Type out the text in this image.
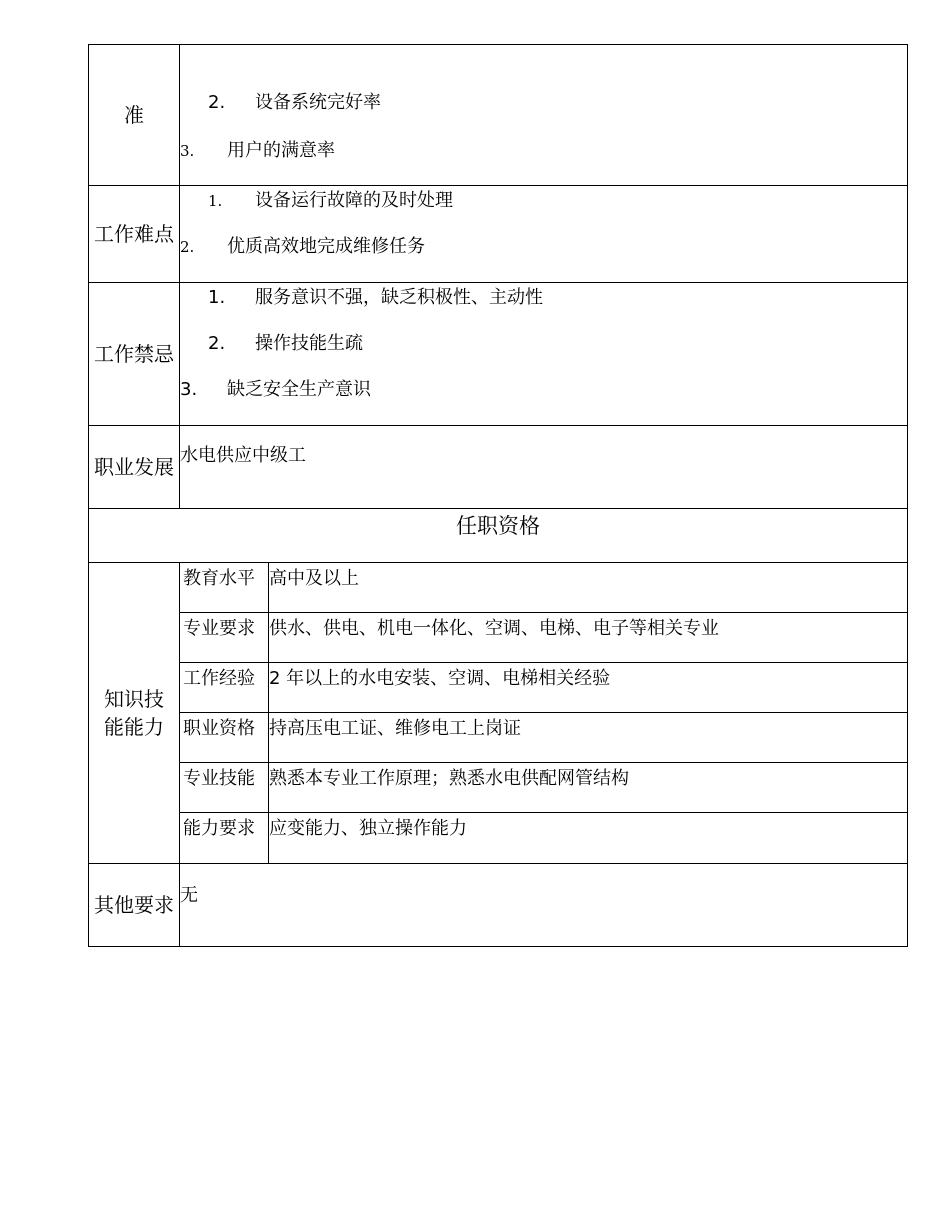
准	2. 设备系统完好率
3. 用户的满意率	

工作难点	1. 设备运行故障的及时处理
2. 优质高效地完成维修任务	

工作禁忌	1. 服务意识不强，缺乏积极性、主动性
2. 操作技能生疏
3. 缺乏安全生产意识	

职业发展	水电供应中级工	

任职资格		
知识技能能力	教育水平	高中及以上
	专业要求	供水、供电、机电一体化、空调、电梯、电子等相关专业
	工作经验	2 年以上的水电安装、空调、电梯相关经验
	职业资格	持高压电工证、维修电工上岗证
	专业技能	熟悉本专业工作原理；熟悉水电供配网管结构
	能力要求	应变能力、独立操作能力
其他要求	无	
